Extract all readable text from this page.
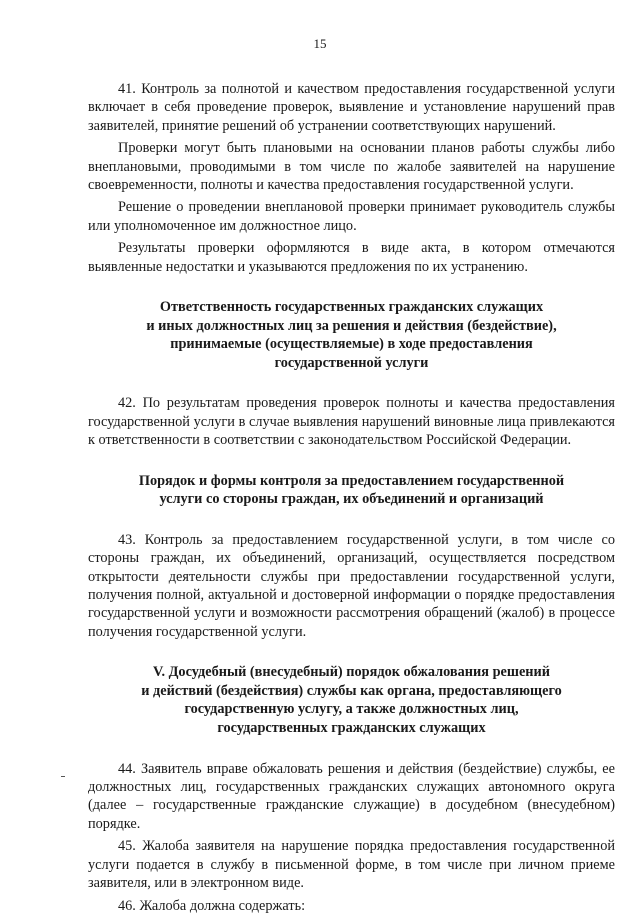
15

41. Контроль за полнотой и качеством предоставления государственной услуги включает в себя проведение проверок, выявление и установление нарушений прав заявителей, принятие решений об устранении соответствующих нарушений.

Проверки могут быть плановыми на основании планов работы службы либо внеплановыми, проводимыми в том числе по жалобе заявителей на нарушение своевременности, полноты и качества предоставления государственной услуги.

Решение о проведении внеплановой проверки принимает руководитель службы или уполномоченное им должностное лицо.

Результаты проверки оформляются в виде акта, в котором отмечаются выявленные недостатки и указываются предложения по их устранению.

Ответственность государственных гражданских служащих
и иных должностных лиц за решения и действия (бездействие),
принимаемые (осуществляемые) в ходе предоставления
государственной услуги

42. По результатам проведения проверок полноты и качества предоставления государственной услуги в случае выявления нарушений виновные лица привлекаются к ответственности в соответствии с законодательством Российской Федерации.

Порядок и формы контроля за предоставлением государственной
услуги со стороны граждан, их объединений и организаций

43. Контроль за предоставлением государственной услуги, в том числе со стороны граждан, их объединений, организаций, осуществляется посредством открытости деятельности службы при предоставлении государственной услуги, получения полной, актуальной и достоверной информации о порядке предоставления государственной услуги и возможности рассмотрения обращений (жалоб) в процессе получения государственной услуги.

V. Досудебный (внесудебный) порядок обжалования решений
и действий (бездействия) службы как органа, предоставляющего
государственную услугу, а также должностных лиц,
государственных гражданских служащих

44. Заявитель вправе обжаловать решения и действия (бездействие) службы, ее должностных лиц, государственных гражданских служащих автономного округа (далее – государственные гражданские служащие) в досудебном (внесудебном) порядке.

45. Жалоба заявителя на нарушение порядка предоставления государственной услуги подается в службу в письменной форме, в том числе при личном приеме заявителя, или в электронном виде.

46. Жалоба должна содержать:
